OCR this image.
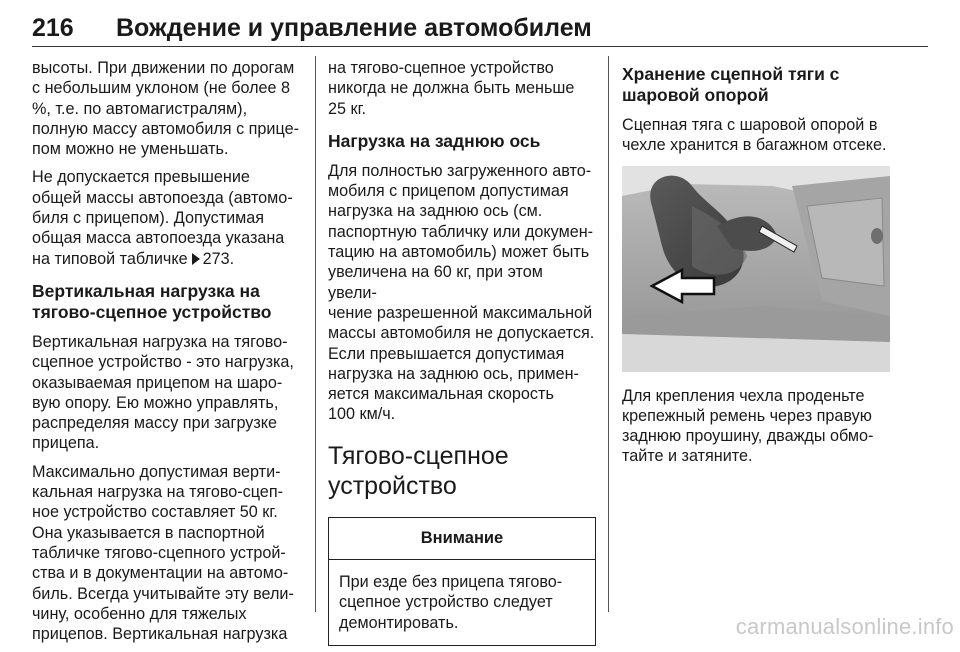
216 Вождение и управление автомобилем

высоты. При движении по дорогам
с небольшим уклоном (не более 8
%, т.е. по автомагистралям),
полную массу автомобиля с прице‐
пом можно не уменьшать.

Не допускается превышение
общей массы автопоезда (автомо‐
биля с прицепом). Допустимая
общая масса автопоезда указана
на типовой табличке 273.

Вертикальная нагрузка на
тягово-сцепное устройство

Вертикальная нагрузка на тягово-
сцепное устройство - это нагрузка,
оказываемая прицепом на шаро‐
вую опору. Ею можно управлять,
распределяя массу при загрузке
прицепа.

Максимально допустимая верти‐
кальная нагрузка на тягово-сцеп‐
ное устройство составляет 50 кг.
Она указывается в паспортной
табличке тягово-сцепного устрой‐
ства и в документации на автомо‐
биль. Всегда учитывайте эту вели‐
чину, особенно для тяжелых
прицепов. Вертикальная нагрузка

на тягово-сцепное устройство
никогда не должна быть меньше
25 кг.

Нагрузка на заднюю ось

Для полностью загруженного авто‐
мобиля с прицепом допустимая
нагрузка на заднюю ось (см.
паспортную табличку или докумен‐
тацию на автомобиль) может быть
увеличена на 60 кг, при этом увели‐
чение разрешенной максимальной
массы автомобиля не допускается.
Если превышается допустимая
нагрузка на заднюю ось, примен‐
яется максимальная скорость
100 км/ч.

Тягово-сцепное
устройство
Внимание
При езде без прицепа тягово-
сцепное устройство следует
демонтировать.
Хранение сцепной тяги с
шаровой опорой

Сцепная тяга с шаровой опорой в
чехле хранится в багажном отсеке.

Для крепления чехла проденьте
крепежный ремень через правую
заднюю проушину, дважды обмо‐
тайте и затяните.

carmanualsonline.info
